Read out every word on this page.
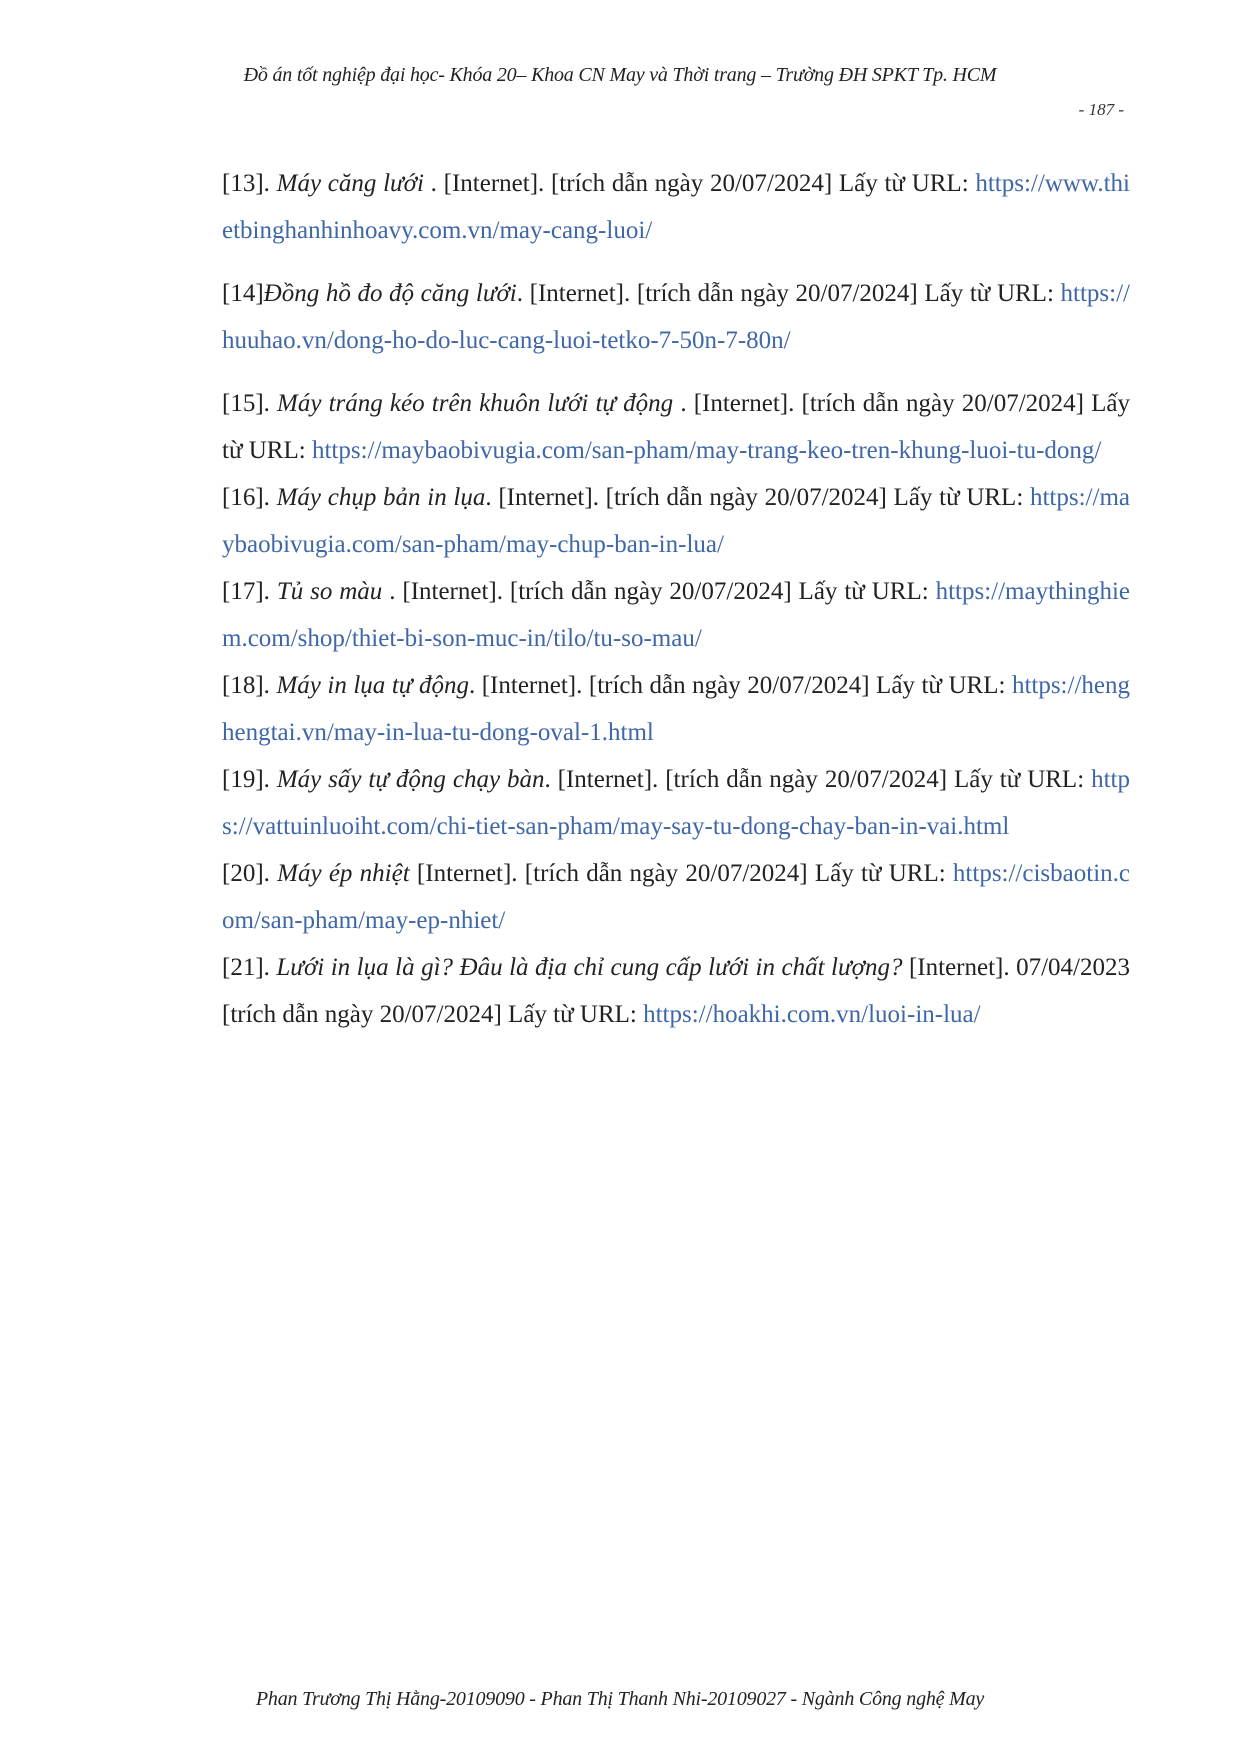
Đồ án tốt nghiệp đại học- Khóa 20– Khoa CN May và Thời trang – Trường ĐH SPKT Tp. HCM
- 187 -

[13]. Máy căng lưới . [Internet]. [trích dẫn ngày 20/07/2024] Lấy từ URL: https://www.thietbinghanhinhoavy.com.vn/may-cang-luoi/

[14]Đồng hồ đo độ căng lưới. [Internet]. [trích dẫn ngày 20/07/2024] Lấy từ URL: https://huuhao.vn/dong-ho-do-luc-cang-luoi-tetko-7-50n-7-80n/

[15]. Máy tráng kéo trên khuôn lưới tự động . [Internet]. [trích dẫn ngày 20/07/2024] Lấy từ URL: https://maybaobivugia.com/san-pham/may-trang-keo-tren-khung-luoi-tu-dong/

[16]. Máy chụp bản in lụa. [Internet]. [trích dẫn ngày 20/07/2024] Lấy từ URL: https://maybaobivugia.com/san-pham/may-chup-ban-in-lua/

[17]. Tủ so màu . [Internet]. [trích dẫn ngày 20/07/2024] Lấy từ URL: https://maythinghiem.com/shop/thiet-bi-son-muc-in/tilo/tu-so-mau/

[18]. Máy in lụa tự động. [Internet]. [trích dẫn ngày 20/07/2024] Lấy từ URL: https://henghengtai.vn/may-in-lua-tu-dong-oval-1.html

[19]. Máy sấy tự động chạy bàn. [Internet]. [trích dẫn ngày 20/07/2024] Lấy từ URL: https://vattuinluoiht.com/chi-tiet-san-pham/may-say-tu-dong-chay-ban-in-vai.html

[20]. Máy ép nhiệt [Internet]. [trích dẫn ngày 20/07/2024] Lấy từ URL: https://cisbaotin.com/san-pham/may-ep-nhiet/

[21]. Lưới in lụa là gì? Đâu là địa chỉ cung cấp lưới in chất lượng? [Internet]. 07/04/2023 [trích dẫn ngày 20/07/2024] Lấy từ URL: https://hoakhi.com.vn/luoi-in-lua/

Phan Trương Thị Hằng-20109090 - Phan Thị Thanh Nhi-20109027 - Ngành Công nghệ May
